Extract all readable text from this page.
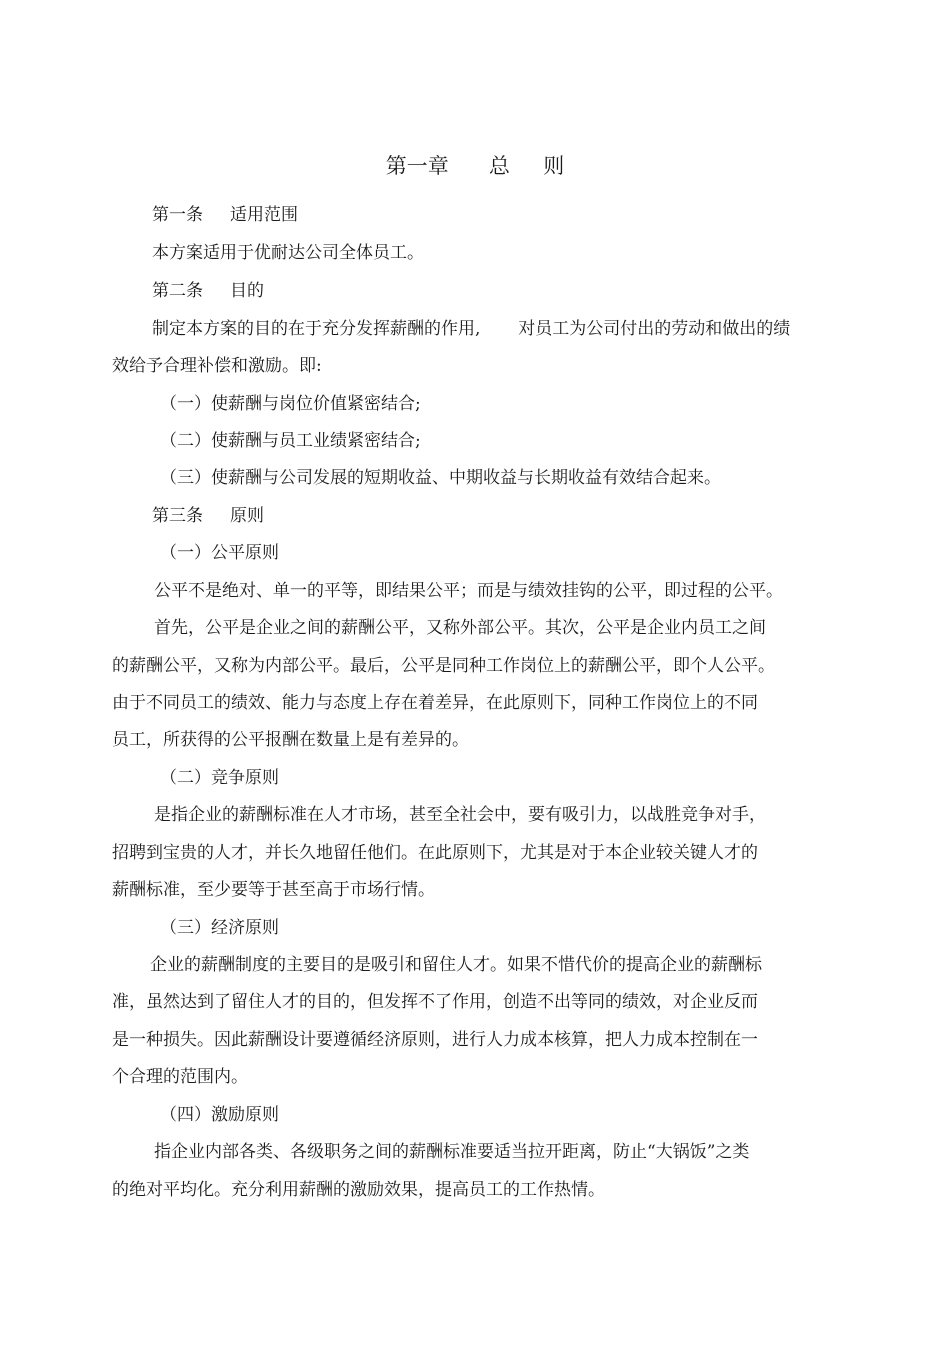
第一章      总     则
第一条     适用范围
本方案适用于优耐达公司全体员工。
第二条     目的
制定本方案的目的在于充分发挥薪酬的作用,       对员工为公司付出的劳动和做出的绩
效给予合理补偿和激励。即:
（一）使薪酬与岗位价值紧密结合;
（二）使薪酬与员工业绩紧密结合;
（三）使薪酬与公司发展的短期收益、中期收益与长期收益有效结合起来。
第三条     原则
（一）公平原则
公平不是绝对、单一的平等，即结果公平；而是与绩效挂钩的公平，即过程的公平。
首先，公平是企业之间的薪酬公平，又称外部公平。其次，公平是企业内员工之间
的薪酬公平，又称为内部公平。最后，公平是同种工作岗位上的薪酬公平，即个人公平。
由于不同员工的绩效、能力与态度上存在着差异，在此原则下，同种工作岗位上的不同
员工，所获得的公平报酬在数量上是有差异的。
（二）竞争原则
是指企业的薪酬标准在人才市场，甚至全社会中，要有吸引力，以战胜竞争对手，
招聘到宝贵的人才，并长久地留任他们。在此原则下，尤其是对于本企业较关键人才的
薪酬标准，至少要等于甚至高于市场行情。
（三）经济原则
企业的薪酬制度的主要目的是吸引和留住人才。如果不惜代价的提高企业的薪酬标
准，虽然达到了留住人才的目的，但发挥不了作用，创造不出等同的绩效，对企业反而
是一种损失。因此薪酬设计要遵循经济原则，进行人力成本核算，把人力成本控制在一
个合理的范围内。
（四）激励原则
指企业内部各类、各级职务之间的薪酬标准要适当拉开距离，防止“大锅饭”之类
的绝对平均化。充分利用薪酬的激励效果，提高员工的工作热情。
